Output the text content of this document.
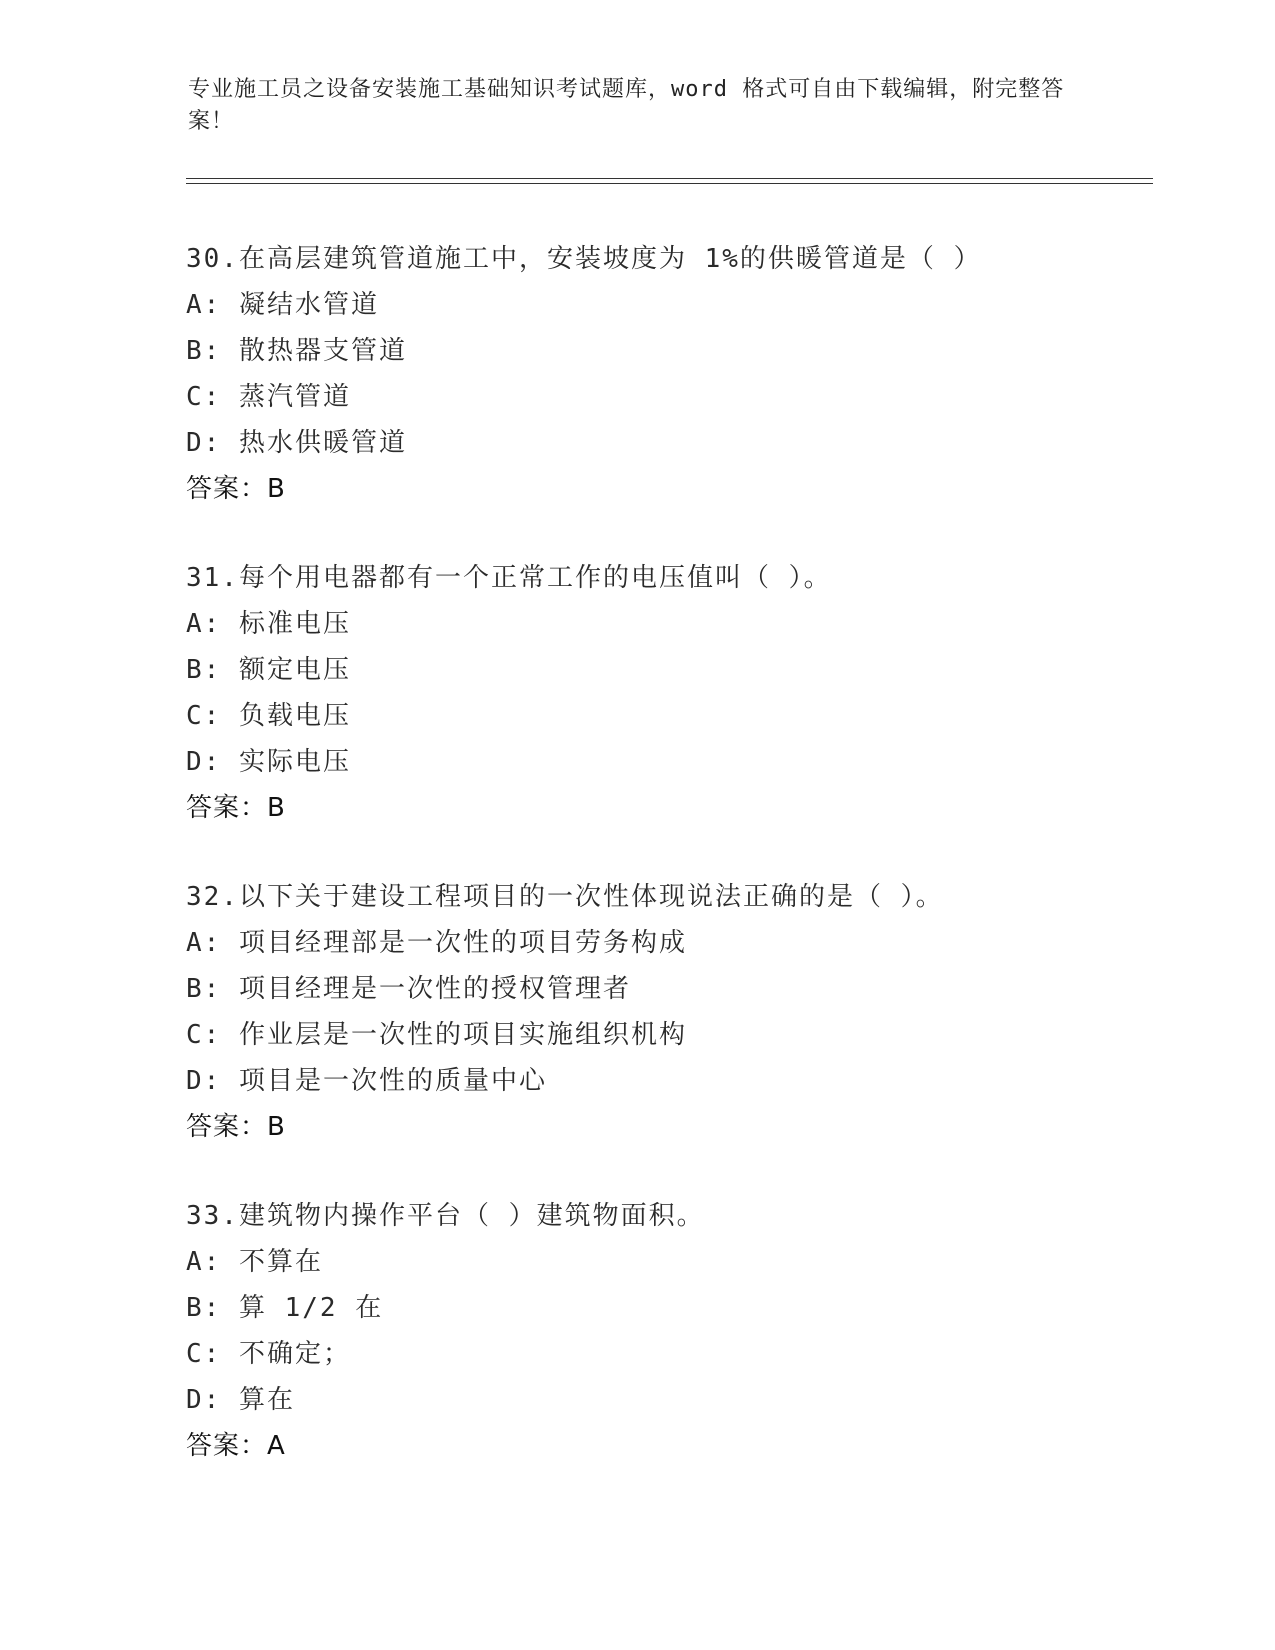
专业施工员之设备安装施工基础知识考试题库，word 格式可自由下载编辑，附完整答案！
30.在高层建筑管道施工中，安装坡度为 1%的供暖管道是（ ）
A: 凝结水管道
B: 散热器支管道
C: 蒸汽管道
D: 热水供暖管道
答案：B
31.每个用电器都有一个正常工作的电压值叫（ ）。
A: 标准电压
B: 额定电压
C: 负载电压
D: 实际电压
答案：B
32.以下关于建设工程项目的一次性体现说法正确的是（ ）。
A: 项目经理部是一次性的项目劳务构成
B: 项目经理是一次性的授权管理者
C: 作业层是一次性的项目实施组织机构
D: 项目是一次性的质量中心
答案：B
33.建筑物内操作平台（ ）建筑物面积。
A: 不算在
B: 算 1/2 在
C: 不确定；
D: 算在
答案：A
